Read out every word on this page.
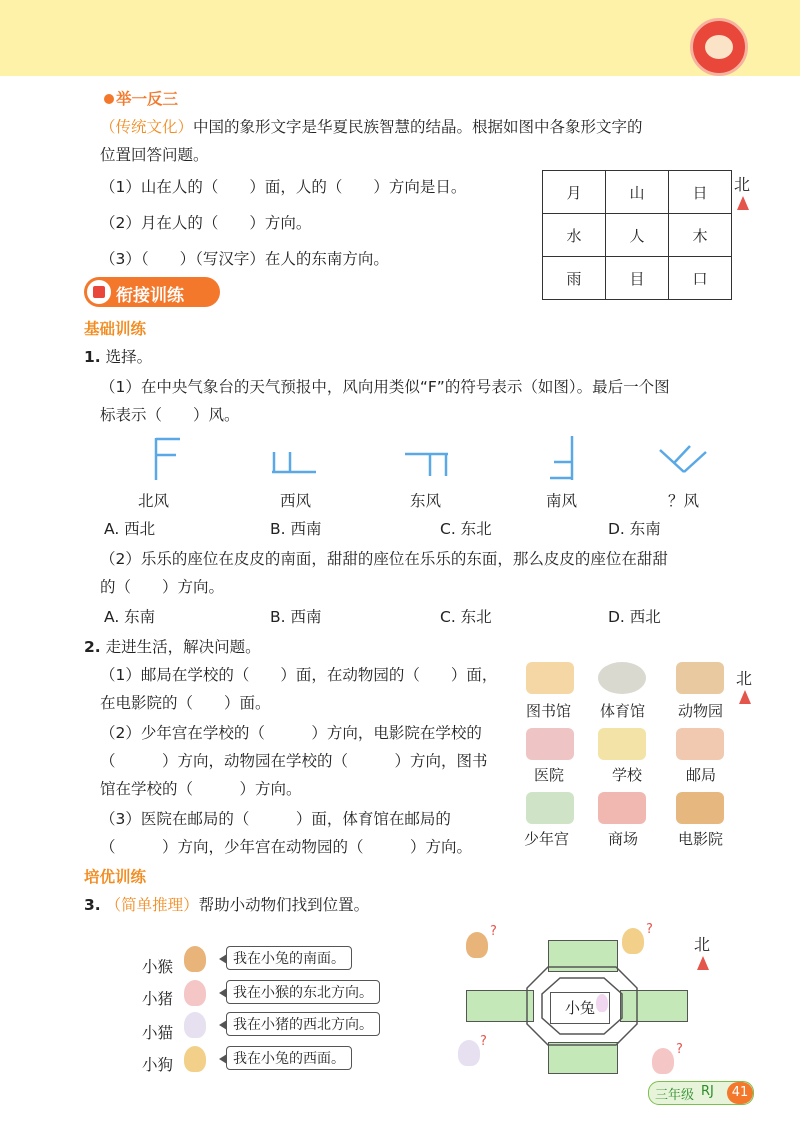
举一反三
（传统文化）中国的象形文字是华夏民族智慧的结晶。根据如图中各象形文字的
位置回答问题。
（1）⼭在人的（　　）面，人的（　　）方向是日。
（2）月在人的（　　）方向。
（3）（　　）（写汉字）在人的东南方向。
月	山	日
水	人	木
雨	目	口
北
衔接训练
基础训练
1. 选择。
（1）在中央气象台的天气预报中，风向用类似“F”的符号表示（如图）。最后一个图
标表示（　　）风。
北风	西风	东风	南风	？风
A. 西北	B. 西南	C. 东北	D. 东南
（2）乐乐的座位在皮皮的南面，甜甜的座位在乐乐的东面，那么皮皮的座位在甜甜
的（　　）方向。
A. 东南	B. 西南	C. 东北	D. 西北
2. 走进生活，解决问题。
（1）邮局在学校的（　　）面，在动物园的（　　）面，
在电影院的（　　）面。
（2）少年宫在学校的（　　　）方向，电影院在学校的
（　　　）方向，动物园在学校的（　　　）方向，图书
馆在学校的（　　　）方向。
（3）医院在邮局的（　　　）面，体育馆在邮局的
（　　　）方向，少年宫在动物园的（　　　）方向。
图书馆 体育馆 动物园
医院	学校	邮局
少年宫	商场	电影院
北
培优训练
3. （简单推理）帮助小动物们找到位置。
小猴	我在小兔的南面。
小猪	我在小猴的东北方向。
小猫	我在小猪的西北方向。
小狗	我在小兔的西面。
小兔
?	?
?
?
北
三年级 RJ	41
